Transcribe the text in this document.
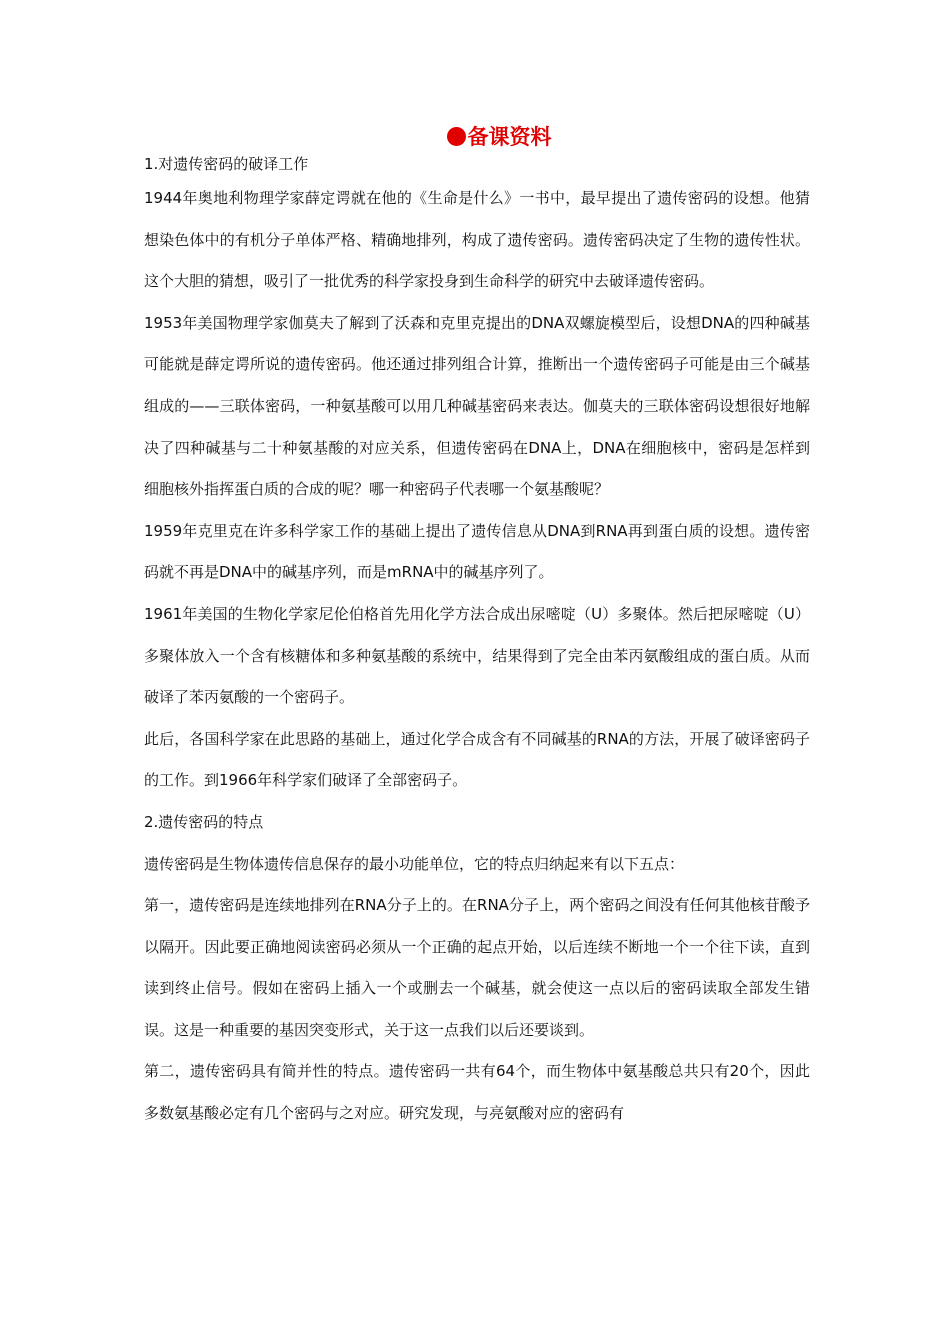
备课资料

1.对遗传密码的破译工作

1944年奥地利物理学家薛定谔就在他的《生命是什么》一书中，最早提出了遗传密码的设想。他猜想染色体中的有机分子单体严格、精确地排列，构成了遗传密码。遗传密码决定了生物的遗传性状。这个大胆的猜想，吸引了一批优秀的科学家投身到生命科学的研究中去破译遗传密码。

1953年美国物理学家伽莫夫了解到了沃森和克里克提出的DNA双螺旋模型后，设想DNA的四种碱基可能就是薛定谔所说的遗传密码。他还通过排列组合计算，推断出一个遗传密码子可能是由三个碱基组成的——三联体密码，一种氨基酸可以用几种碱基密码来表达。伽莫夫的三联体密码设想很好地解决了四种碱基与二十种氨基酸的对应关系，但遗传密码在DNA上，DNA在细胞核中，密码是怎样到细胞核外指挥蛋白质的合成的呢？哪一种密码子代表哪一个氨基酸呢？

1959年克里克在许多科学家工作的基础上提出了遗传信息从DNA到RNA再到蛋白质的设想。遗传密码就不再是DNA中的碱基序列，而是mRNA中的碱基序列了。

1961年美国的生物化学家尼伦伯格首先用化学方法合成出尿嘧啶（U）多聚体。然后把尿嘧啶（U）多聚体放入一个含有核糖体和多种氨基酸的系统中，结果得到了完全由苯丙氨酸组成的蛋白质。从而破译了苯丙氨酸的一个密码子。

此后，各国科学家在此思路的基础上，通过化学合成含有不同碱基的RNA的方法，开展了破译密码子的工作。到1966年科学家们破译了全部密码子。

2.遗传密码的特点

遗传密码是生物体遗传信息保存的最小功能单位，它的特点归纳起来有以下五点：

第一，遗传密码是连续地排列在RNA分子上的。在RNA分子上，两个密码之间没有任何其他核苷酸予以隔开。因此要正确地阅读密码必须从一个正确的起点开始，以后连续不断地一个一个往下读，直到读到终止信号。假如在密码上插入一个或删去一个碱基，就会使这一点以后的密码读取全部发生错误。这是一种重要的基因突变形式，关于这一点我们以后还要谈到。

第二，遗传密码具有简并性的特点。遗传密码一共有64个，而生物体中氨基酸总共只有20个，因此多数氨基酸必定有几个密码与之对应。研究发现，与亮氨酸对应的密码有
